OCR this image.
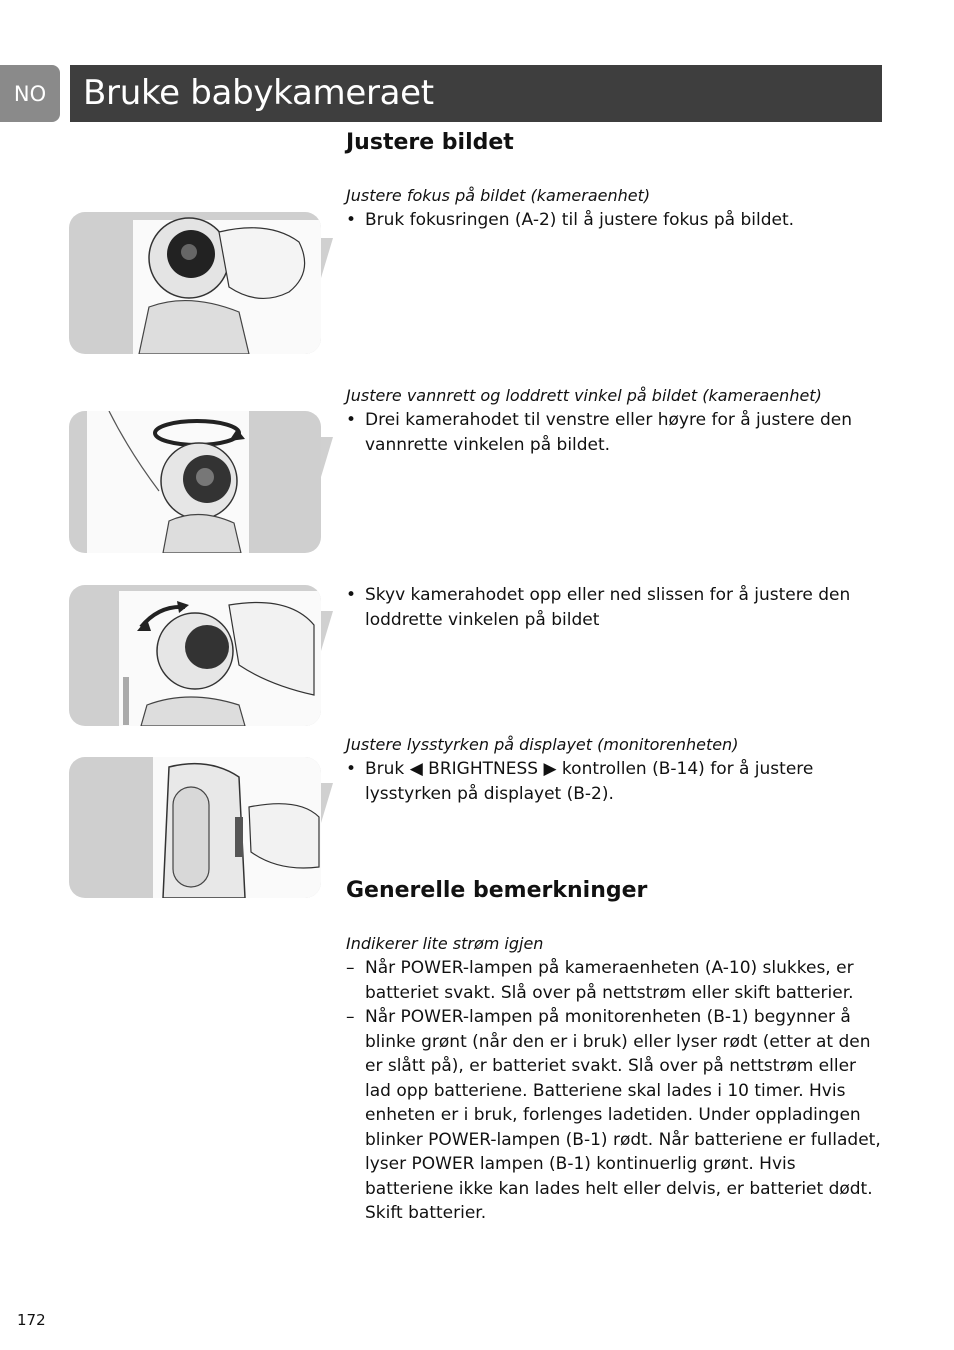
NO	Bruke babykameraet
Justere bildet

Justere fokus på bildet (kameraenhet)

• Bruk fokusringen (A-2) til å justere fokus på bildet.

Justere vannrett og loddrett vinkel på bildet (kameraenhet)

• Drei kamerahodet til venstre eller høyre for å justere den vannrette vinkelen på bildet.

• Skyv kamerahodet opp eller ned slissen for å justere den loddrette vinkelen på bildet

Justere lysstyrken på displayet (monitorenheten)

• Bruk ◀ BRIGHTNESS ▶ kontrollen (B-14) for å justere lysstyrken på displayet (B-2).

Generelle bemerkninger

Indikerer lite strøm igjen

– Når POWER-lampen på kameraenheten (A-10) slukkes, er batteriet svakt. Slå over på nettstrøm eller skift batterier.

– Når POWER-lampen på monitorenheten (B-1) begynner å blinke grønt (når den er i bruk) eller lyser rødt (etter at den er slått på), er batteriet svakt. Slå over på nettstrøm eller lad opp batteriene. Batteriene skal lades i 10 timer. Hvis enheten er i bruk, forlenges ladetiden. Under oppladingen blinker POWER-lampen (B-1) rødt. Når batteriene er fulladet, lyser POWER lampen (B-1) kontinuerlig grønt. Hvis batteriene ikke kan lades helt eller delvis, er batteriet dødt. Skift batterier.

172
